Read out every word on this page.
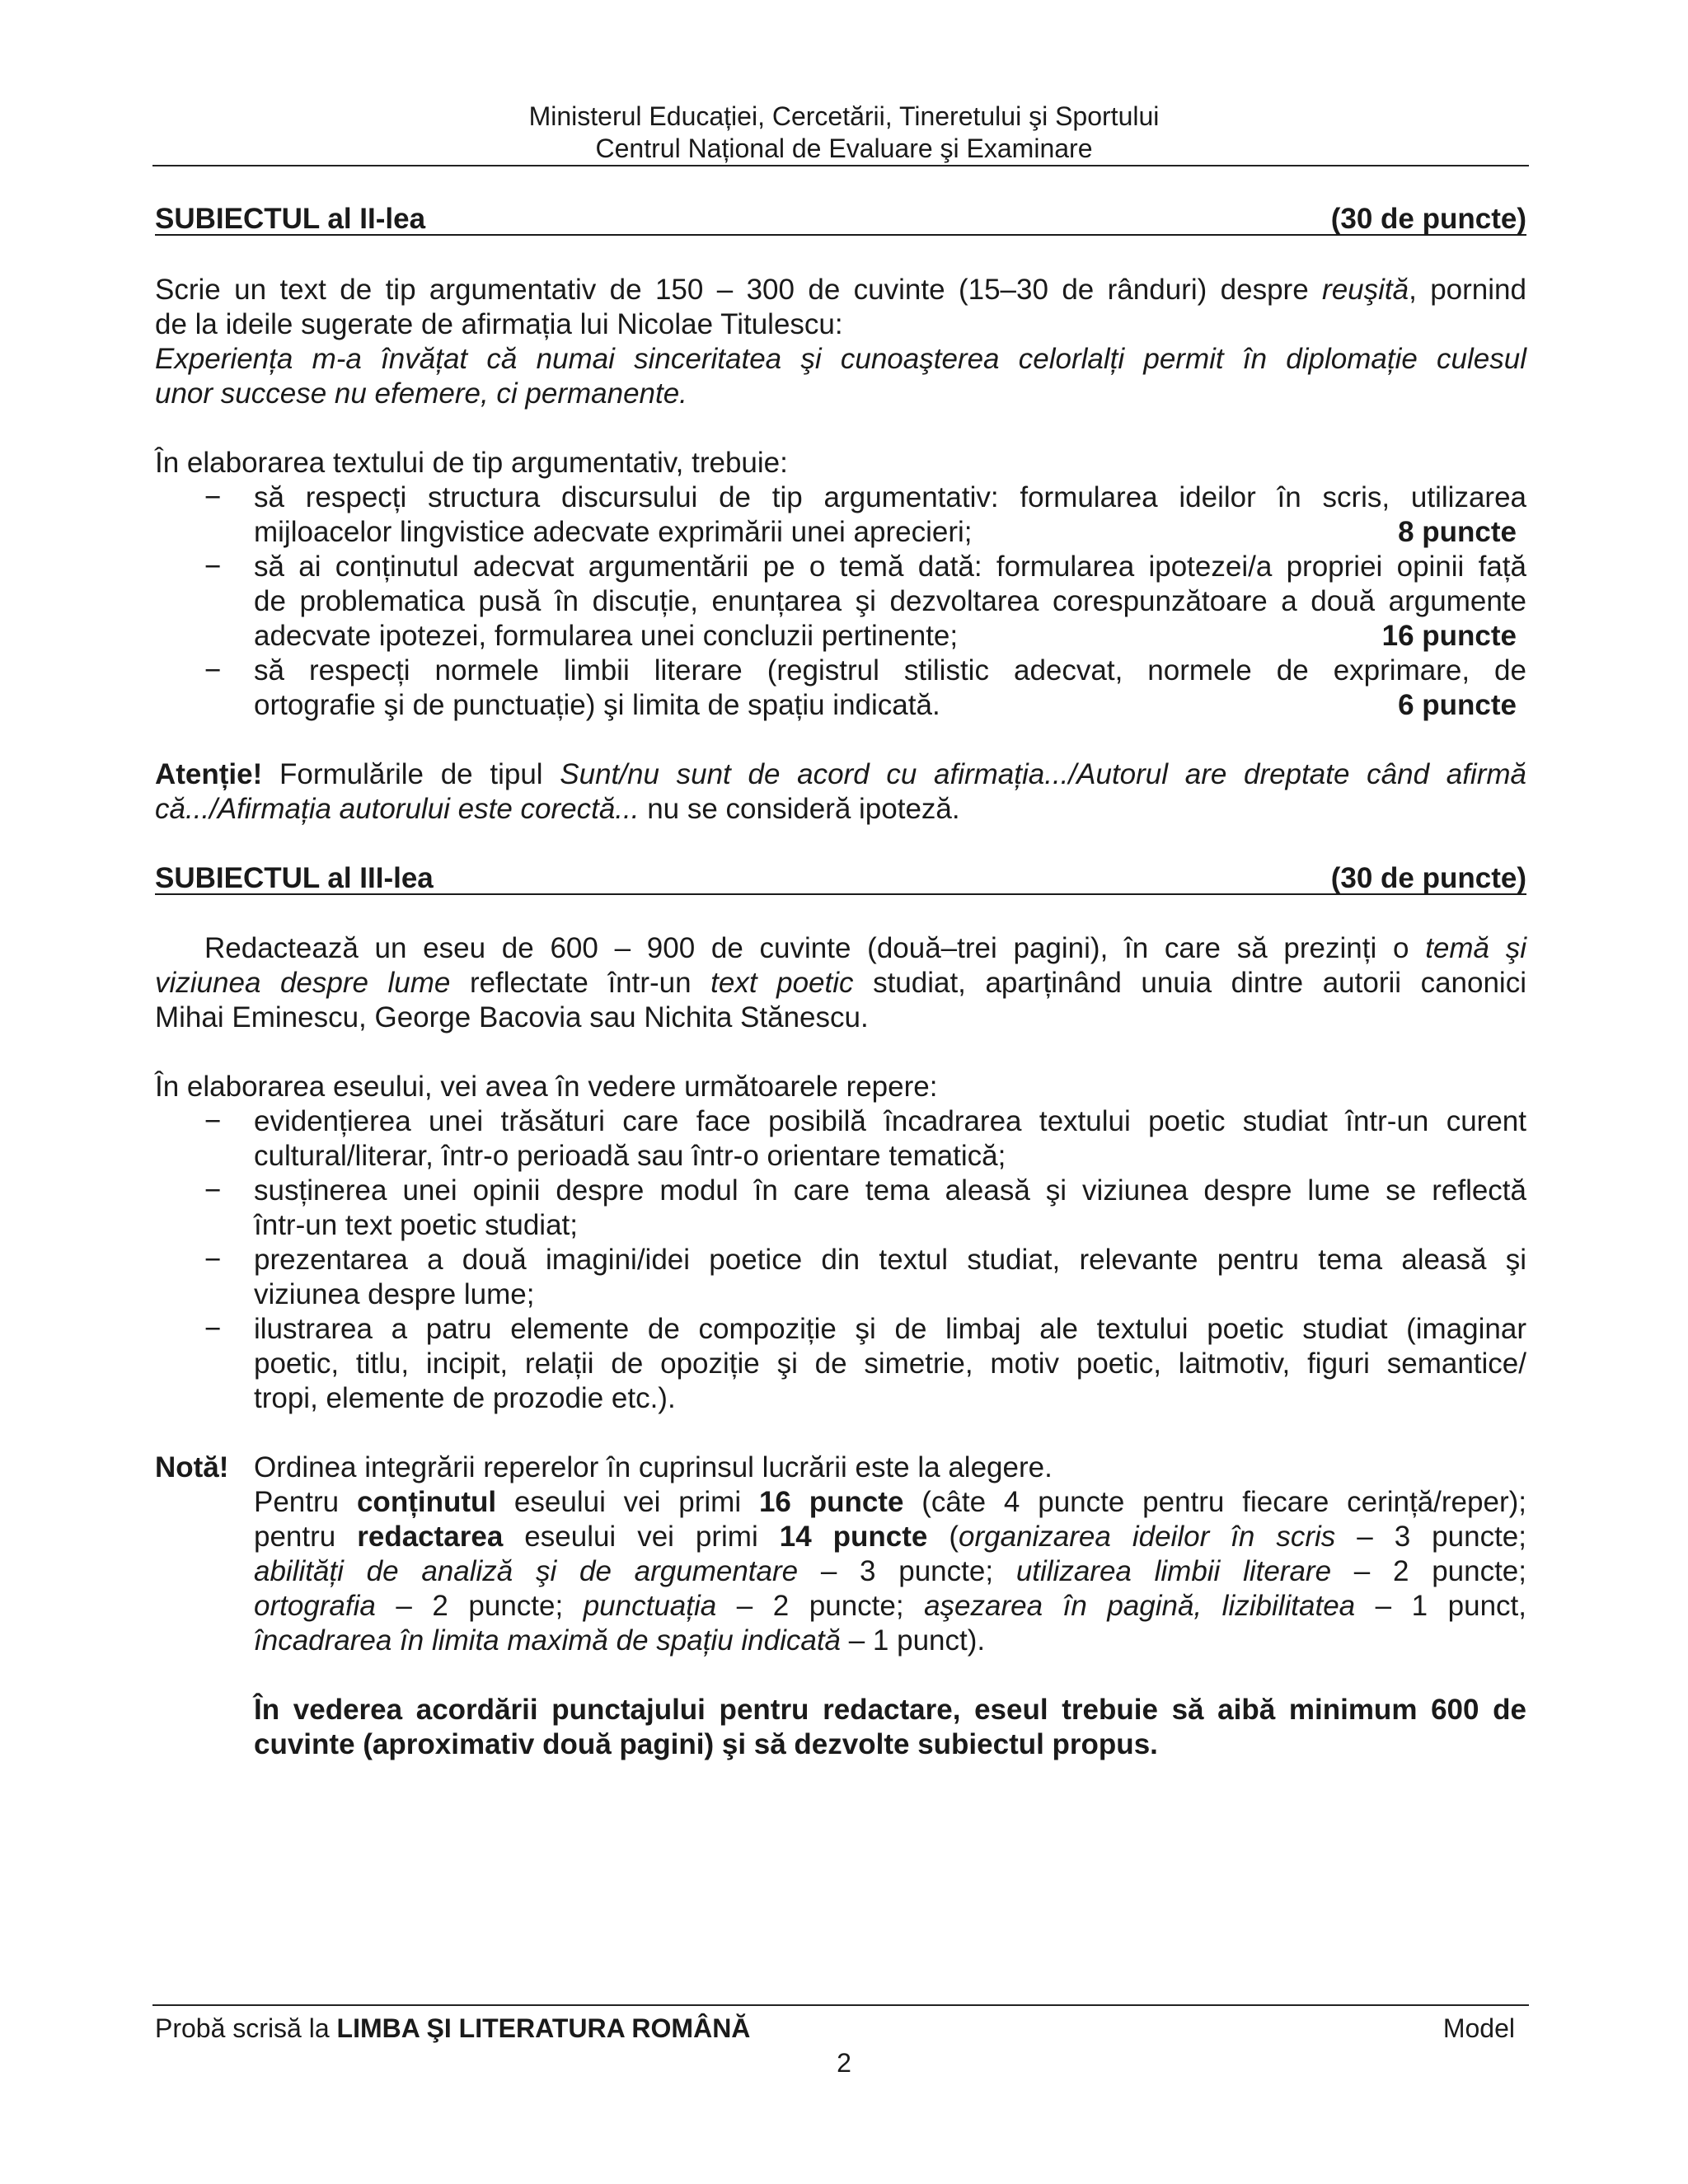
Ministerul Educației, Cercetării, Tineretului şi Sportului
Centrul Național de Evaluare şi Examinare
SUBIECTUL al II-lea	(30 de puncte)
Scrie un text de tip argumentativ de 150 – 300 de cuvinte (15–30 de rânduri) despre reuşită, pornind
de la ideile sugerate de afirmația lui Nicolae Titulescu:
Experiența m-a învățat că numai sinceritatea şi cunoaşterea celorlalți permit în diplomație culesul
unor succese nu efemere, ci permanente.
În elaborarea textului de tip argumentativ, trebuie:
− să respecți structura discursului de tip argumentativ: formularea ideilor în scris, utilizarea
mijloacelor lingvistice adecvate exprimării unei aprecieri;	8 puncte
− să ai conținutul adecvat argumentării pe o temă dată: formularea ipotezei/a propriei opinii față
de problematica pusă în discuție, enunțarea şi dezvoltarea corespunzătoare a două argumente
adecvate ipotezei, formularea unei concluzii pertinente;	16 puncte
− să respecți normele limbii literare (registrul stilistic adecvat, normele de exprimare, de
ortografie şi de punctuație) şi limita de spațiu indicată.	6 puncte
Atenție! Formulările de tipul Sunt/nu sunt de acord cu afirmația.../Autorul are dreptate când afirmă
că.../Afirmația autorului este corectă... nu se consideră ipoteză.
SUBIECTUL al III-lea	(30 de puncte)
Redactează un eseu de 600 – 900 de cuvinte (două–trei pagini), în care să prezinți o temă şi
viziunea despre lume reflectate într-un text poetic studiat, aparținând unuia dintre autorii canonici
Mihai Eminescu, George Bacovia sau Nichita Stănescu.
În elaborarea eseului, vei avea în vedere următoarele repere:
− evidențierea unei trăsături care face posibilă încadrarea textului poetic studiat într-un curent
cultural/literar, într-o perioadă sau într-o orientare tematică;
− susținerea unei opinii despre modul în care tema aleasă şi viziunea despre lume se reflectă
într-un text poetic studiat;
− prezentarea a două imagini/idei poetice din textul studiat, relevante pentru tema aleasă şi
viziunea despre lume;
− ilustrarea a patru elemente de compoziție şi de limbaj ale textului poetic studiat (imaginar
poetic, titlu, incipit, relații de opoziție şi de simetrie, motiv poetic, laitmotiv, figuri semantice/
tropi, elemente de prozodie etc.).
Notă! Ordinea integrării reperelor în cuprinsul lucrării este la alegere.
Pentru conținutul eseului vei primi 16 puncte (câte 4 puncte pentru fiecare cerință/reper);
pentru redactarea eseului vei primi 14 puncte (organizarea ideilor în scris – 3 puncte;
abilități de analiză şi de argumentare – 3 puncte; utilizarea limbii literare – 2 puncte;
ortografia – 2 puncte; punctuația – 2 puncte; aşezarea în pagină, lizibilitatea – 1 punct,
încadrarea în limita maximă de spațiu indicată – 1 punct).
În vederea acordării punctajului pentru redactare, eseul trebuie să aibă minimum 600 de
cuvinte (aproximativ două pagini) şi să dezvolte subiectul propus.
Probă scrisă la LIMBA ŞI LITERATURA ROMÂNĂ	Model
2
